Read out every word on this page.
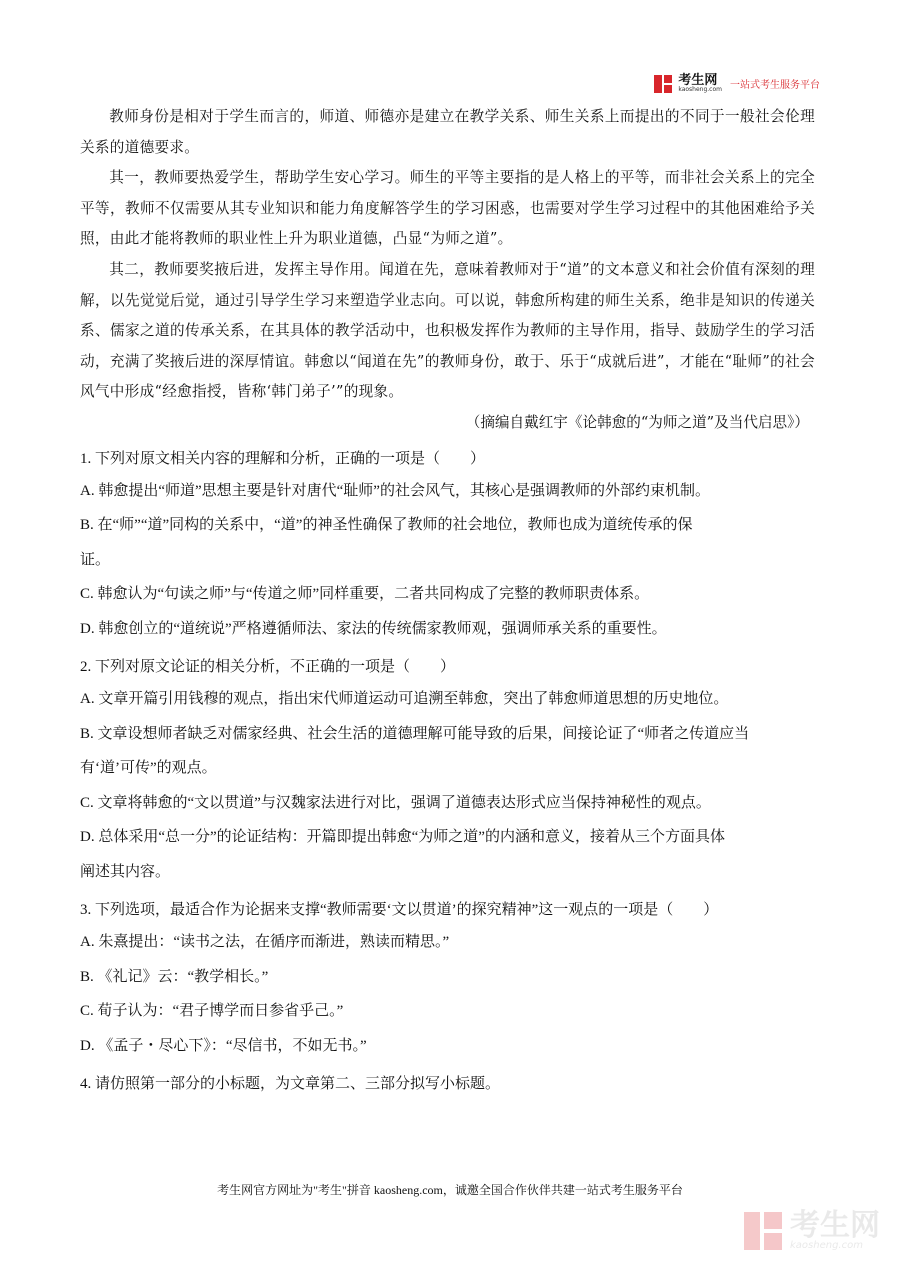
考生网
kaosheng.com 一站式考生服务平台

教师身份是相对于学生而言的，师道、师德亦是建立在教学关系、师生关系上而提出的不同于一般社会伦理关系的道德要求。

其一，教师要热爱学生，帮助学生安心学习。师生的平等主要指的是人格上的平等，而非社会关系上的完全平等，教师不仅需要从其专业知识和能力角度解答学生的学习困惑，也需要对学生学习过程中的其他困难给予关照，由此才能将教师的职业性上升为职业道德，凸显“为师之道”。

其二，教师要奖掖后进，发挥主导作用。闻道在先，意味着教师对于“道”的文本意义和社会价值有深刻的理解，以先觉觉后觉，通过引导学生学习来塑造学业志向。可以说，韩愈所构建的师生关系，绝非是知识的传递关系、儒家之道的传承关系，在其具体的教学活动中，也积极发挥作为教师的主导作用，指导、鼓励学生的学习活动，充满了奖掖后进的深厚情谊。韩愈以“闻道在先”的教师身份，敢于、乐于“成就后进”，才能在“耻师”的社会风气中形成“经愈指授，皆称‘韩门弟子’”的现象。

（摘编自戴红宇《论韩愈的“为师之道”及当代启思》）

1. 下列对原文相关内容的理解和分析，正确的一项是（　　）

A. 韩愈提出“师道”思想主要是针对唐代“耻师”的社会风气，其核心是强调教师的外部约束机制。

B. 在“师”“道”同构的关系中，“道”的神圣性确保了教师的社会地位，教师也成为道统传承的保
证。

C. 韩愈认为“句读之师”与“传道之师”同样重要，二者共同构成了完整的教师职责体系。

D. 韩愈创立的“道统说”严格遵循师法、家法的传统儒家教师观，强调师承关系的重要性。

2. 下列对原文论证的相关分析，不正确的一项是（　　）

A. 文章开篇引用钱穆的观点，指出宋代师道运动可追溯至韩愈，突出了韩愈师道思想的历史地位。

B. 文章设想师者缺乏对儒家经典、社会生活的道德理解可能导致的后果，间接论证了“师者之传道应当
有‘道’可传”的观点。

C. 文章将韩愈的“文以贯道”与汉魏家法进行对比，强调了道德表达形式应当保持神秘性的观点。

D. 总体采用“总一分”的论证结构：开篇即提出韩愈“为师之道”的内涵和意义，接着从三个方面具体
阐述其内容。

3. 下列选项，最适合作为论据来支撑“教师需要‘文以贯道’的探究精神”这一观点的一项是（　　）

A. 朱熹提出：“读书之法，在循序而渐进，熟读而精思。”

B. 《礼记》云：“教学相长。”

C. 荀子认为：“君子博学而日参省乎己。”

D. 《孟子・尽心下》：“尽信书，不如无书。”

4. 请仿照第一部分的小标题，为文章第二、三部分拟写小标题。

考生网官方网址为"考生"拼音 kaosheng.com，诚邀全国合作伙伴共建一站式考生服务平台
考生网
kaosheng.com
